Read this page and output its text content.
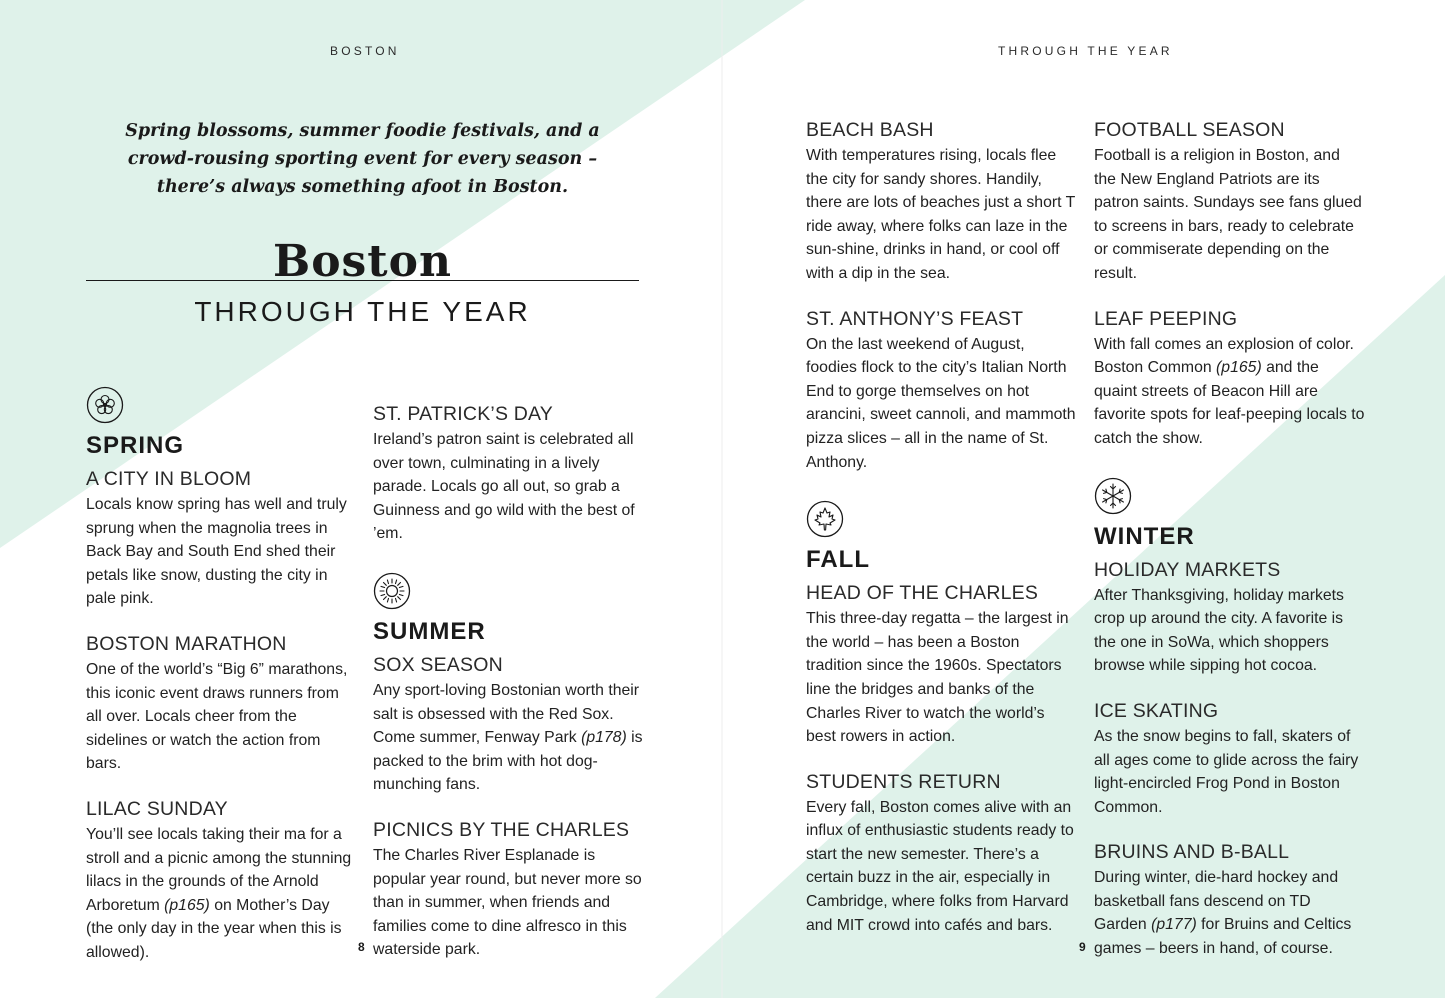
BOSTON
Spring blossoms, summer foodie festivals, and a crowd-rousing sporting event for every season – there’s always something afoot in Boston.
Boston
THROUGH THE YEAR
SPRING
A CITY IN BLOOM
Locals know spring has well and truly sprung when the magnolia trees in Back Bay and South End shed their petals like snow, dusting the city in pale pink.
BOSTON MARATHON
One of the world’s “Big 6” marathons, this iconic event draws runners from all over. Locals cheer from the sidelines or watch the action from bars.
LILAC SUNDAY
You’ll see locals taking their ma for a stroll and a picnic among the stunning lilacs in the grounds of the Arnold Arboretum (p165) on Mother’s Day (the only day in the year when this is allowed).
ST. PATRICK’S DAY
Ireland’s patron saint is celebrated all over town, culminating in a lively parade. Locals go all out, so grab a Guinness and go wild with the best of ’em.
SUMMER
SOX SEASON
Any sport-loving Bostonian worth their salt is obsessed with the Red Sox. Come summer, Fenway Park (p178) is packed to the brim with hot dog-munching fans.
PICNICS BY THE CHARLES
The Charles River Esplanade is popular year round, but never more so than in summer, when friends and families come to dine alfresco in this waterside park.
8
THROUGH THE YEAR
BEACH BASH
With temperatures rising, locals flee the city for sandy shores. Handily, there are lots of beaches just a short T ride away, where folks can laze in the sun-shine, drinks in hand, or cool off with a dip in the sea.
ST. ANTHONY’S FEAST
On the last weekend of August, foodies flock to the city’s Italian North End to gorge themselves on hot arancini, sweet cannoli, and mammoth pizza slices – all in the name of St. Anthony.
FALL
HEAD OF THE CHARLES
This three-day regatta – the largest in the world – has been a Boston tradition since the 1960s. Spectators line the bridges and banks of the Charles River to watch the world’s best rowers in action.
STUDENTS RETURN
Every fall, Boston comes alive with an influx of enthusiastic students ready to start the new semester. There’s a certain buzz in the air, especially in Cambridge, where folks from Harvard and MIT crowd into cafés and bars.
FOOTBALL SEASON
Football is a religion in Boston, and the New England Patriots are its patron saints. Sundays see fans glued to screens in bars, ready to celebrate or commiserate depending on the result.
LEAF PEEPING
With fall comes an explosion of color. Boston Common (p165) and the quaint streets of Beacon Hill are favorite spots for leaf-peeping locals to catch the show.
WINTER
HOLIDAY MARKETS
After Thanksgiving, holiday markets crop up around the city. A favorite is the one in SoWa, which shoppers browse while sipping hot cocoa.
ICE SKATING
As the snow begins to fall, skaters of all ages come to glide across the fairy light-encircled Frog Pond in Boston Common.
BRUINS AND B-BALL
During winter, die-hard hockey and basketball fans descend on TD Garden (p177) for Bruins and Celtics games – beers in hand, of course.
9
